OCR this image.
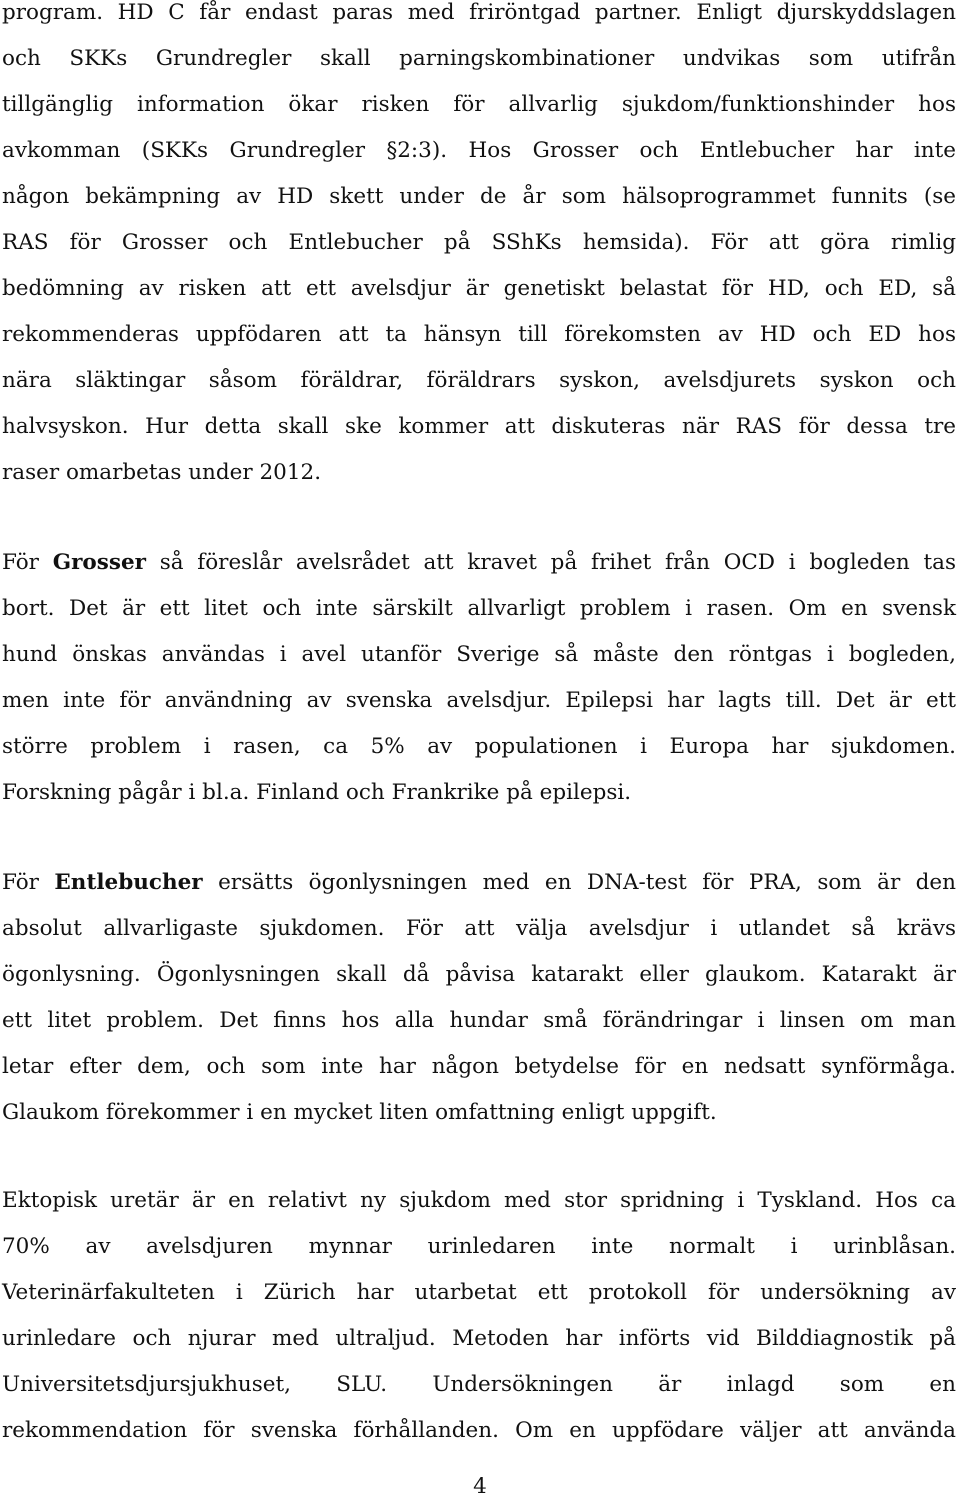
program. HD C får endast paras med friröntgad partner. Enligt djurskyddslagen
och SKKs Grundregler skall parningskombinationer undvikas som utifrån
tillgänglig information ökar risken för allvarlig sjukdom/funktionshinder hos
avkomman (SKKs Grundregler §2:3). Hos Grosser och Entlebucher har inte
någon bekämpning av HD skett under de år som hälsoprogrammet funnits (se
RAS för Grosser och Entlebucher på SShKs hemsida). För att göra rimlig
bedömning av risken att ett avelsdjur är genetiskt belastat för HD, och ED, så
rekommenderas uppfödaren att ta hänsyn till förekomsten av HD och ED hos
nära släktingar såsom föräldrar, föräldrars syskon, avelsdjurets syskon och
halvsyskon. Hur detta skall ske kommer att diskuteras när RAS för dessa tre
raser omarbetas under 2012.
För Grosser så föreslår avelsrådet att kravet på frihet från OCD i bogleden tas
bort. Det är ett litet och inte särskilt allvarligt problem i rasen. Om en svensk
hund önskas användas i avel utanför Sverige så måste den röntgas i bogleden,
men inte för användning av svenska avelsdjur. Epilepsi har lagts till. Det är ett
större problem i rasen, ca 5% av populationen i Europa har sjukdomen.
Forskning pågår i bl.a. Finland och Frankrike på epilepsi.
För Entlebucher ersätts ögonlysningen med en DNA-test för PRA, som är den
absolut allvarligaste sjukdomen. För att välja avelsdjur i utlandet så krävs
ögonlysning. Ögonlysningen skall då påvisa katarakt eller glaukom. Katarakt är
ett litet problem. Det finns hos alla hundar små förändringar i linsen om man
letar efter dem, och som inte har någon betydelse för en nedsatt synförmåga.
Glaukom förekommer i en mycket liten omfattning enligt uppgift.
Ektopisk uretär är en relativt ny sjukdom med stor spridning i Tyskland. Hos ca
70% av avelsdjuren mynnar urinledaren inte normalt i urinblåsan.
Veterinärfakulteten i Zürich har utarbetat ett protokoll för undersökning av
urinledare och njurar med ultraljud. Metoden har införts vid Bilddiagnostik på
Universitetsdjursjukhuset, SLU. Undersökningen är inlagd som en
rekommendation för svenska förhållanden. Om en uppfödare väljer att använda
4
